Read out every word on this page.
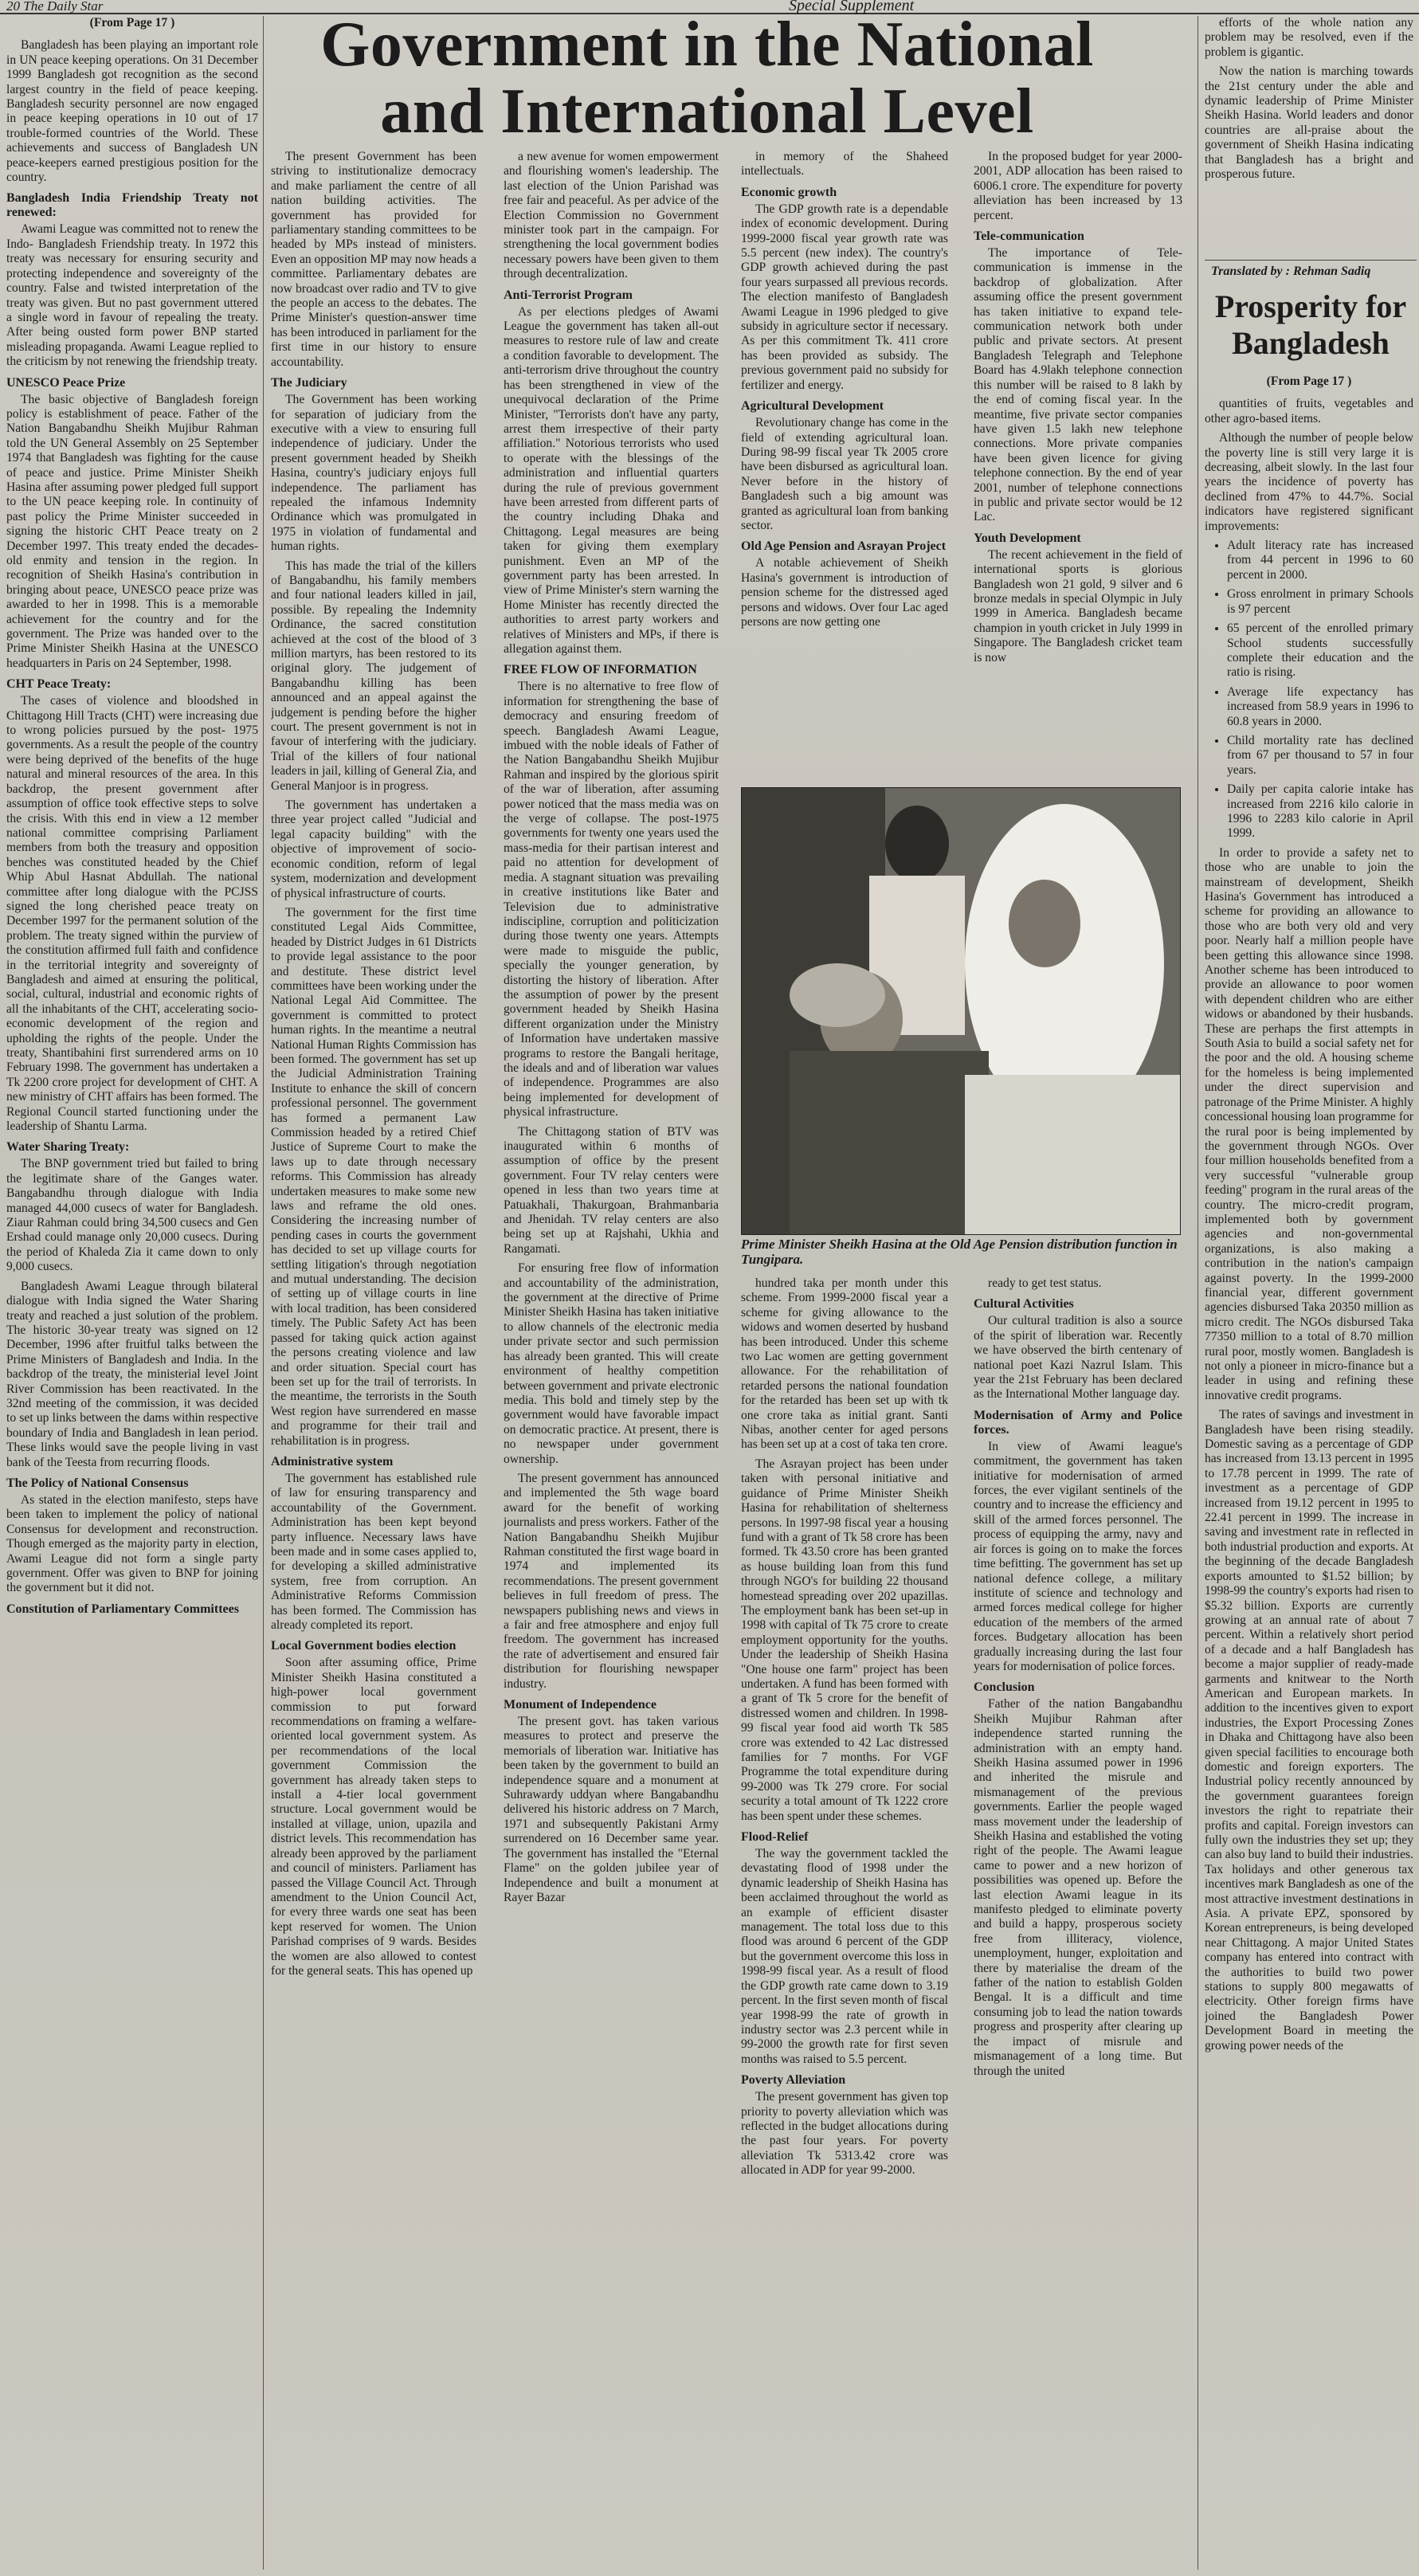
20 The Daily Star	Special Supplement
Government in the National and International Level

(From Page 17 )

Bangladesh has been playing an important role in UN peace keeping operations. On 31 December 1999 Bangladesh got recognition as the second largest country in the field of peace keeping. Bangladesh security personnel are now engaged in peace keeping operations in 10 out of 17 trouble-formed countries of the World. These achievements and success of Bangladesh UN peace-keepers earned prestigious position for the country.

Bangladesh India Friendship Treaty not renewed:

Awami League was committed not to renew the Indo- Bangladesh Friendship treaty. In 1972 this treaty was necessary for ensuring security and protecting independence and sovereignty of the country. False and twisted interpretation of the treaty was given. But no past government uttered a single word in favour of repealing the treaty. After being ousted form power BNP started misleading propaganda. Awami League replied to the criticism by not renewing the friendship treaty.

UNESCO Peace Prize

The basic objective of Bangladesh foreign policy is establishment of peace. Father of the Nation Bangabandhu Sheikh Mujibur Rahman told the UN General Assembly on 25 September 1974 that Bangladesh was fighting for the cause of peace and justice. Prime Minister Sheikh Hasina after assuming power pledged full support to the UN peace keeping role. In continuity of past policy the Prime Minister succeeded in signing the historic CHT Peace treaty on 2 December 1997. This treaty ended the decades-old enmity and tension in the region. In recognition of Sheikh Hasina's contribution in bringing about peace, UNESCO peace prize was awarded to her in 1998. This is a memorable achievement for the country and for the government. The Prize was handed over to the Prime Minister Sheikh Hasina at the UNESCO headquarters in Paris on 24 September, 1998.

CHT Peace Treaty:

The cases of violence and bloodshed in Chittagong Hill Tracts (CHT) were increasing due to wrong policies pursued by the post- 1975 governments. As a result the people of the country were being deprived of the benefits of the huge natural and mineral resources of the area. In this backdrop, the present government after assumption of office took effective steps to solve the crisis. With this end in view a 12 member national committee comprising Parliament members from both the treasury and opposition benches was constituted headed by the Chief Whip Abul Hasnat Abdullah. The national committee after long dialogue with the PCJSS signed the long cherished peace treaty on December 1997 for the permanent solution of the problem. The treaty signed within the purview of the constitution affirmed full faith and confidence in the territorial integrity and sovereignty of Bangladesh and aimed at ensuring the political, social, cultural, industrial and economic rights of all the inhabitants of the CHT, accelerating socio-economic development of the region and upholding the rights of the people. Under the treaty, Shantibahini first surrendered arms on 10 February 1998. The government has undertaken a Tk 2200 crore project for development of CHT. A new ministry of CHT affairs has been formed. The Regional Council started functioning under the leadership of Shantu Larma.

Water Sharing Treaty:

The BNP government tried but failed to bring the legitimate share of the Ganges water. Bangabandhu through dialogue with India managed 44,000 cusecs of water for Bangladesh. Ziaur Rahman could bring 34,500 cusecs and Gen Ershad could manage only 20,000 cusecs. During the period of Khaleda Zia it came down to only 9,000 cusecs.

Bangladesh Awami League through bilateral dialogue with India signed the Water Sharing treaty and reached a just solution of the problem. The historic 30-year treaty was signed on 12 December, 1996 after fruitful talks between the Prime Ministers of Bangladesh and India. In the backdrop of the treaty, the ministerial level Joint River Commission has been reactivated. In the 32nd meeting of the commission, it was decided to set up links between the dams within respective boundary of India and Bangladesh in lean period. These links would save the people living in vast bank of the Teesta from recurring floods.

The Policy of National Consensus

As stated in the election manifesto, steps have been taken to implement the policy of national Consensus for development and reconstruction. Though emerged as the majority party in election, Awami League did not form a single party government. Offer was given to BNP for joining the government but it did not.

Constitution of Parliamentary Committees

The present Government has been striving to institutionalize democracy and make parliament the centre of all nation building activities. The government has provided for parliamentary standing committees to be headed by MPs instead of ministers. Even an opposition MP may now heads a committee. Parliamentary debates are now broadcast over radio and TV to give the people an access to the debates. The Prime Minister's question-answer time has been introduced in parliament for the first time in our history to ensure accountability.

The Judiciary

The Government has been working for separation of judiciary from the executive with a view to ensuring full independence of judiciary. Under the present government headed by Sheikh Hasina, country's judiciary enjoys full independence. The parliament has repealed the infamous Indemnity Ordinance which was promulgated in 1975 in violation of fundamental and human rights.

This has made the trial of the killers of Bangabandhu, his family members and four national leaders killed in jail, possible. By repealing the Indemnity Ordinance, the sacred constitution achieved at the cost of the blood of 3 million martyrs, has been restored to its original glory. The judgement of Bangabandhu killing has been announced and an appeal against the judgement is pending before the higher court. The present government is not in favour of interfering with the judiciary. Trial of the killers of four national leaders in jail, killing of General Zia, and General Manjoor is in progress.

The government has undertaken a three year project called "Judicial and legal capacity building" with the objective of improvement of socio-economic condition, reform of legal system, modernization and development of physical infrastructure of courts.

The government for the first time constituted Legal Aids Committee, headed by District Judges in 61 Districts to provide legal assistance to the poor and destitute. These district level committees have been working under the National Legal Aid Committee. The government is committed to protect human rights. In the meantime a neutral National Human Rights Commission has been formed. The government has set up the Judicial Administration Training Institute to enhance the skill of concern professional personnel. The government has formed a permanent Law Commission headed by a retired Chief Justice of Supreme Court to make the laws up to date through necessary reforms. This Commission has already undertaken measures to make some new laws and reframe the old ones. Considering the increasing number of pending cases in courts the government has decided to set up village courts for settling litigation's through negotiation and mutual understanding. The decision of setting up of village courts in line with local tradition, has been considered timely. The Public Safety Act has been passed for taking quick action against the persons creating violence and law and order situation. Special court has been set up for the trail of terrorists. In the meantime, the terrorists in the South West region have surrendered en masse and programme for their trail and rehabilitation is in progress.

Administrative system

The government has established rule of law for ensuring transparency and accountability of the Government. Administration has been kept beyond party influence. Necessary laws have been made and in some cases applied to, for developing a skilled administrative system, free from corruption. An Administrative Reforms Commission has been formed. The Commission has already completed its report.

Local Government bodies election

Soon after assuming office, Prime Minister Sheikh Hasina constituted a high-power local government commission to put forward recommendations on framing a welfare-oriented local government system. As per recommendations of the local government Commission the government has already taken steps to install a 4-tier local government structure. Local government would be installed at village, union, upazila and district levels. This recommendation has already been approved by the parliament and council of ministers. Parliament has passed the Village Council Act. Through amendment to the Union Council Act, for every three wards one seat has been kept reserved for women. The Union Parishad comprises of 9 wards. Besides the women are also allowed to contest for the general seats. This has opened up

a new avenue for women empowerment and flourishing women's leadership. The last election of the Union Parishad was free fair and peaceful. As per advice of the Election Commission no Government minister took part in the campaign. For strengthening the local government bodies necessary powers have been given to them through decentralization.

Anti-Terrorist Program

As per elections pledges of Awami League the government has taken all-out measures to restore rule of law and create a condition favorable to development. The anti-terrorism drive throughout the country has been strengthened in view of the unequivocal declaration of the Prime Minister, "Terrorists don't have any party, arrest them irrespective of their party affiliation." Notorious terrorists who used to operate with the blessings of the administration and influential quarters during the rule of previous government have been arrested from different parts of the country including Dhaka and Chittagong. Legal measures are being taken for giving them exemplary punishment. Even an MP of the government party has been arrested. In view of Prime Minister's stern warning the Home Minister has recently directed the authorities to arrest party workers and relatives of Ministers and MPs, if there is allegation against them.

FREE FLOW OF INFORMATION

There is no alternative to free flow of information for strengthening the base of democracy and ensuring freedom of speech. Bangladesh Awami League, imbued with the noble ideals of Father of the Nation Bangabandhu Sheikh Mujibur Rahman and inspired by the glorious spirit of the war of liberation, after assuming power noticed that the mass media was on the verge of collapse. The post-1975 governments for twenty one years used the mass-media for their partisan interest and paid no attention for development of media. A stagnant situation was prevailing in creative institutions like Bater and Television due to administrative indiscipline, corruption and politicization during those twenty one years. Attempts were made to misguide the public, specially the younger generation, by distorting the history of liberation. After the assumption of power by the present government headed by Sheikh Hasina different organization under the Ministry of Information have undertaken massive programs to restore the Bangali heritage, the ideals and and of liberation war values of independence. Programmes are also being implemented for development of physical infrastructure.

The Chittagong station of BTV was inaugurated within 6 months of assumption of office by the present government. Four TV relay centers were opened in less than two years time at Patuakhali, Thakurgoan, Brahmanbaria and Jhenidah. TV relay centers are also being set up at Rajshahi, Ukhia and Rangamati.

For ensuring free flow of information and accountability of the administration, the government at the directive of Prime Minister Sheikh Hasina has taken initiative to allow channels of the electronic media under private sector and such permission has already been granted. This will create environment of healthy competition between government and private electronic media. This bold and timely step by the government would have favorable impact on democratic practice. At present, there is no newspaper under government ownership.

The present government has announced and implemented the 5th wage board award for the benefit of working journalists and press workers. Father of the Nation Bangabandhu Sheikh Mujibur Rahman constituted the first wage board in 1974 and implemented its recommendations. The present government believes in full freedom of press. The newspapers publishing news and views in a fair and free atmosphere and enjoy full freedom. The government has increased the rate of advertisement and ensured fair distribution for flourishing newspaper industry.

Monument of Independence

The present govt. has taken various measures to protect and preserve the memorials of liberation war. Initiative has been taken by the government to build an independence square and a monument at Suhrawardy uddyan where Bangabandhu delivered his historic address on 7 March, 1971 and subsequently Pakistani Army surrendered on 16 December same year. The government has installed the "Eternal Flame" on the golden jubilee year of Independence and built a monument at Rayer Bazar

in memory of the Shaheed intellectuals.

Economic growth

The GDP growth rate is a dependable index of economic development. During 1999-2000 fiscal year growth rate was 5.5 percent (new index). The country's GDP growth achieved during the past four years surpassed all previous records. The election manifesto of Bangladesh Awami League in 1996 pledged to give subsidy in agriculture sector if necessary. As per this commitment Tk. 411 crore has been provided as subsidy. The previous government paid no subsidy for fertilizer and energy.

Agricultural Development

Revolutionary change has come in the field of extending agricultural loan. During 98-99 fiscal year Tk 2005 crore have been disbursed as agricultural loan. Never before in the history of Bangladesh such a big amount was granted as agricultural loan from banking sector.

Old Age Pension and Asrayan Project

A notable achievement of Sheikh Hasina's government is introduction of pension scheme for the distressed aged persons and widows. Over four Lac aged persons are now getting one

In the proposed budget for year 2000-2001, ADP allocation has been raised to 6006.1 crore. The expenditure for poverty alleviation has been increased by 13 percent.

Tele-communication

The importance of Tele-communication is immense in the backdrop of globalization. After assuming office the present government has taken initiative to expand tele-communication network both under public and private sectors. At present Bangladesh Telegraph and Telephone Board has 4.9lakh telephone connection this number will be raised to 8 lakh by the end of coming fiscal year. In the meantime, five private sector companies have given 1.5 lakh new telephone connections. More private companies have been given licence for giving telephone connection. By the end of year 2001, number of telephone connections in public and private sector would be 12 Lac.

Youth Development

The recent achievement in the field of international sports is glorious Bangladesh won 21 gold, 9 silver and 6 bronze medals in special Olympic in July 1999 in America. Bangladesh became champion in youth cricket in July 1999 in Singapore. The Bangladesh cricket team is now

Prime Minister Sheikh Hasina at the Old Age Pension distribution function in Tungipara.

hundred taka per month under this scheme. From 1999-2000 fiscal year a scheme for giving allowance to the widows and women deserted by husband has been introduced. Under this scheme two Lac women are getting government allowance. For the rehabilitation of retarded persons the national foundation for the retarded has been set up with tk one crore taka as initial grant. Santi Nibas, another center for aged persons has been set up at a cost of taka ten crore.

The Asrayan project has been under taken with personal initiative and guidance of Prime Minister Sheikh Hasina for rehabilitation of shelterness persons. In 1997-98 fiscal year a housing fund with a grant of Tk 58 crore has been formed. Tk 43.50 crore has been granted as house building loan from this fund through NGO's for building 22 thousand homestead spreading over 202 upazillas. The employment bank has been set-up in 1998 with capital of Tk 75 crore to create employment opportunity for the youths. Under the leadership of Sheikh Hasina "One house one farm" project has been undertaken. A fund has been formed with a grant of Tk 5 crore for the benefit of distressed women and children. In 1998-99 fiscal year food aid worth Tk 585 crore was extended to 42 Lac distressed families for 7 months. For VGF Programme the total expenditure during 99-2000 was Tk 279 crore. For social security a total amount of Tk 1222 crore has been spent under these schemes.

Flood-Relief

The way the government tackled the devastating flood of 1998 under the dynamic leadership of Sheikh Hasina has been acclaimed throughout the world as an example of efficient disaster management. The total loss due to this flood was around 6 percent of the GDP but the government overcome this loss in 1998-99 fiscal year. As a result of flood the GDP growth rate came down to 3.19 percent. In the first seven month of fiscal year 1998-99 the rate of growth in industry sector was 2.3 percent while in 99-2000 the growth rate for first seven months was raised to 5.5 percent.

Poverty Alleviation

The present government has given top priority to poverty alleviation which was reflected in the budget allocations during the past four years. For poverty alleviation Tk 5313.42 crore was allocated in ADP for year 99-2000.

ready to get test status.

Cultural Activities

Our cultural tradition is also a source of the spirit of liberation war. Recently we have observed the birth centenary of national poet Kazi Nazrul Islam. This year the 21st February has been declared as the International Mother language day.

Modernisation of Army and Police forces.

In view of Awami league's commitment, the government has taken initiative for modernisation of armed forces, the ever vigilant sentinels of the country and to increase the efficiency and skill of the armed forces personnel. The process of equipping the army, navy and air forces is going on to make the forces time befitting. The government has set up national defence college, a military institute of science and technology and armed forces medical college for higher education of the members of the armed forces. Budgetary allocation has been gradually increasing during the last four years for modernisation of police forces.

Conclusion

Father of the nation Bangabandhu Sheikh Mujibur Rahman after independence started running the administration with an empty hand. Sheikh Hasina assumed power in 1996 and inherited the misrule and mismanagement of the previous governments. Earlier the people waged mass movement under the leadership of Sheikh Hasina and established the voting right of the people. The Awami league came to power and a new horizon of possibilities was opened up. Before the last election Awami league in its manifesto pledged to eliminate poverty and build a happy, prosperous society free from illiteracy, violence, unemployment, hunger, exploitation and there by materialise the dream of the father of the nation to establish Golden Bengal. It is a difficult and time consuming job to lead the nation towards progress and prosperity after clearing up the impact of misrule and mismanagement of a long time. But through the united

efforts of the whole nation any problem may be resolved, even if the problem is gigantic.

Now the nation is marching towards the 21st century under the able and dynamic leadership of Prime Minister Sheikh Hasina. World leaders and donor countries are all-praise about the government of Sheikh Hasina indicating that Bangladesh has a bright and prosperous future.

Translated by : Rehman Sadiq
Prosperity for Bangladesh

(From Page 17 )

quantities of fruits, vegetables and other agro-based items.

Although the number of people below the poverty line is still very large it is decreasing, albeit slowly. In the last four years the incidence of poverty has declined from 47% to 44.7%. Social indicators have registered significant improvements:

• Adult literacy rate has increased from 44 percent in 1996 to 60 percent in 2000.
• Gross enrolment in primary Schools is 97 percent
• 65 percent of the enrolled primary School students successfully complete their education and the ratio is rising.
• Average life expectancy has increased from 58.9 years in 1996 to 60.8 years in 2000.
• Child mortality rate has declined from 67 per thousand to 57 in four years.
• Daily per capita calorie intake has increased from 2216 kilo calorie in 1996 to 2283 kilo calorie in April 1999.

In order to provide a safety net to those who are unable to join the mainstream of development, Sheikh Hasina's Government has introduced a scheme for providing an allowance to those who are both very old and very poor. Nearly half a million people have been getting this allowance since 1998. Another scheme has been introduced to provide an allowance to poor women with dependent children who are either widows or abandoned by their husbands. These are perhaps the first attempts in South Asia to build a social safety net for the poor and the old. A housing scheme for the homeless is being implemented under the direct supervision and patronage of the Prime Minister. A highly concessional housing loan programme for the rural poor is being implemented by the government through NGOs. Over four million households benefited from a very successful "vulnerable group feeding" program in the rural areas of the country. The micro-credit program, implemented both by government agencies and non-governmental organizations, is also making a contribution in the nation's campaign against poverty. In the 1999-2000 financial year, different government agencies disbursed Taka 20350 million as micro credit. The NGOs disbursed Taka 77350 million to a total of 8.70 million rural poor, mostly women. Bangladesh is not only a pioneer in micro-finance but a leader in using and refining these innovative credit programs.

The rates of savings and investment in Bangladesh have been rising steadily. Domestic saving as a percentage of GDP has increased from 13.13 percent in 1995 to 17.78 percent in 1999. The rate of investment as a percentage of GDP increased from 19.12 percent in 1995 to 22.41 percent in 1999. The increase in saving and investment rate in reflected in both industrial production and exports. At the beginning of the decade Bangladesh exports amounted to $1.52 billion; by 1998-99 the country's exports had risen to $5.32 billion. Exports are currently growing at an annual rate of about 7 percent. Within a relatively short period of a decade and a half Bangladesh has become a major supplier of ready-made garments and knitwear to the North American and European markets. In addition to the incentives given to export industries, the Export Processing Zones in Dhaka and Chittagong have also been given special facilities to encourage both domestic and foreign exporters. The Industrial policy recently announced by the government guarantees foreign investors the right to repatriate their profits and capital. Foreign investors can fully own the industries they set up; they can also buy land to build their industries. Tax holidays and other generous tax incentives mark Bangladesh as one of the most attractive investment destinations in Asia. A private EPZ, sponsored by Korean entrepreneurs, is being developed near Chittagong. A major United States company has entered into contract with the authorities to build two power stations to supply 800 megawatts of electricity. Other foreign firms have joined the Bangladesh Power Development Board in meeting the growing power needs of the
